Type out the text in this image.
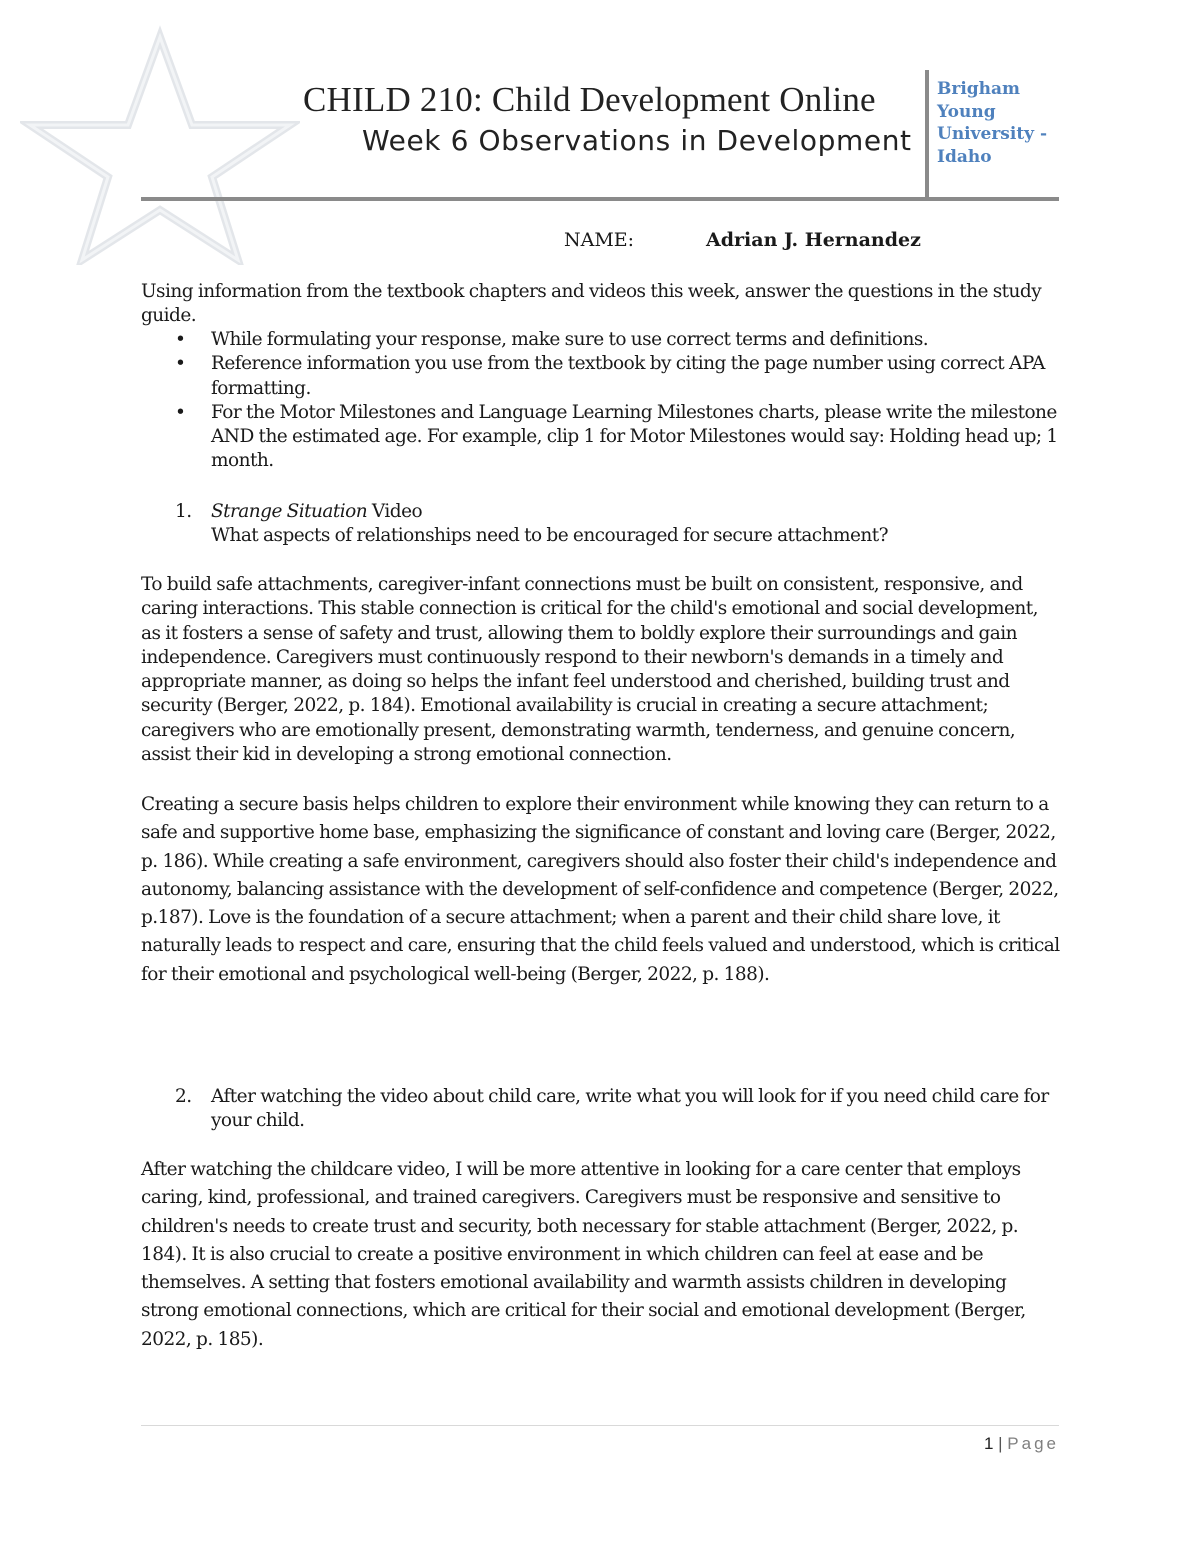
CHILD 210: Child Development Online
Week 6 Observations in Development
Brigham Young University - Idaho
NAME:	Adrian J. Hernandez
Using information from the textbook chapters and videos this week, answer the questions in the study guide.
• While formulating your response, make sure to use correct terms and definitions.
• Reference information you use from the textbook by citing the page number using correct APA formatting.
• For the Motor Milestones and Language Learning Milestones charts, please write the milestone AND the estimated age. For example, clip 1 for Motor Milestones would say: Holding head up; 1 month.
1. Strange Situation Video
What aspects of relationships need to be encouraged for secure attachment?
To build safe attachments, caregiver-infant connections must be built on consistent, responsive, and caring interactions. This stable connection is critical for the child's emotional and social development, as it fosters a sense of safety and trust, allowing them to boldly explore their surroundings and gain independence. Caregivers must continuously respond to their newborn's demands in a timely and appropriate manner, as doing so helps the infant feel understood and cherished, building trust and security (Berger, 2022, p. 184). Emotional availability is crucial in creating a secure attachment; caregivers who are emotionally present, demonstrating warmth, tenderness, and genuine concern, assist their kid in developing a strong emotional connection.
Creating a secure basis helps children to explore their environment while knowing they can return to a safe and supportive home base, emphasizing the significance of constant and loving care (Berger, 2022, p. 186). While creating a safe environment, caregivers should also foster their child's independence and autonomy, balancing assistance with the development of self-confidence and competence (Berger, 2022, p.187). Love is the foundation of a secure attachment; when a parent and their child share love, it naturally leads to respect and care, ensuring that the child feels valued and understood, which is critical for their emotional and psychological well-being (Berger, 2022, p. 188).
2.	After watching the video about child care, write what you will look for if you need child care for your child.
After watching the childcare video, I will be more attentive in looking for a care center that employs caring, kind, professional, and trained caregivers. Caregivers must be responsive and sensitive to children's needs to create trust and security, both necessary for stable attachment (Berger, 2022, p. 184). It is also crucial to create a positive environment in which children can feel at ease and be themselves. A setting that fosters emotional availability and warmth assists children in developing strong emotional connections, which are critical for their social and emotional development (Berger, 2022, p. 185).
1 | Page
